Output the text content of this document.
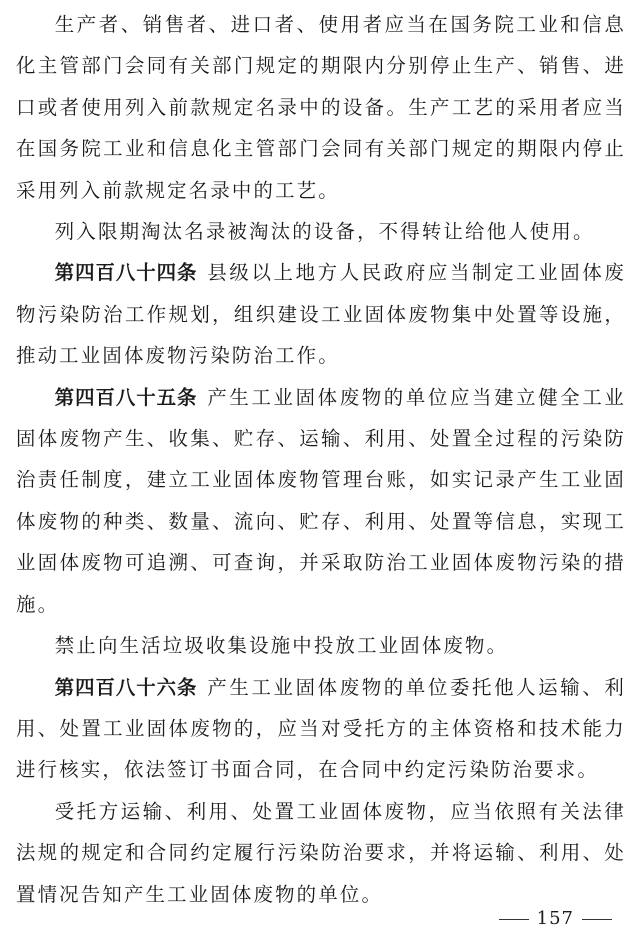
生产者、销售者、进口者、使用者应当在国务院工业和信息化主管部门会同有关部门规定的期限内分别停止生产、销售、进口或者使用列入前款规定名录中的设备。生产工艺的采用者应当在国务院工业和信息化主管部门会同有关部门规定的期限内停止采用列入前款规定名录中的工艺。

列入限期淘汰名录被淘汰的设备，不得转让给他人使用。

第四百八十四条 县级以上地方人民政府应当制定工业固体废物污染防治工作规划，组织建设工业固体废物集中处置等设施，推动工业固体废物污染防治工作。

第四百八十五条 产生工业固体废物的单位应当建立健全工业固体废物产生、收集、贮存、运输、利用、处置全过程的污染防治责任制度，建立工业固体废物管理台账，如实记录产生工业固体废物的种类、数量、流向、贮存、利用、处置等信息，实现工业固体废物可追溯、可查询，并采取防治工业固体废物污染的措施。

禁止向生活垃圾收集设施中投放工业固体废物。

第四百八十六条 产生工业固体废物的单位委托他人运输、利用、处置工业固体废物的，应当对受托方的主体资格和技术能力进行核实，依法签订书面合同，在合同中约定污染防治要求。

受托方运输、利用、处置工业固体废物，应当依照有关法律法规的规定和合同约定履行污染防治要求，并将运输、利用、处置情况告知产生工业固体废物的单位。

157
